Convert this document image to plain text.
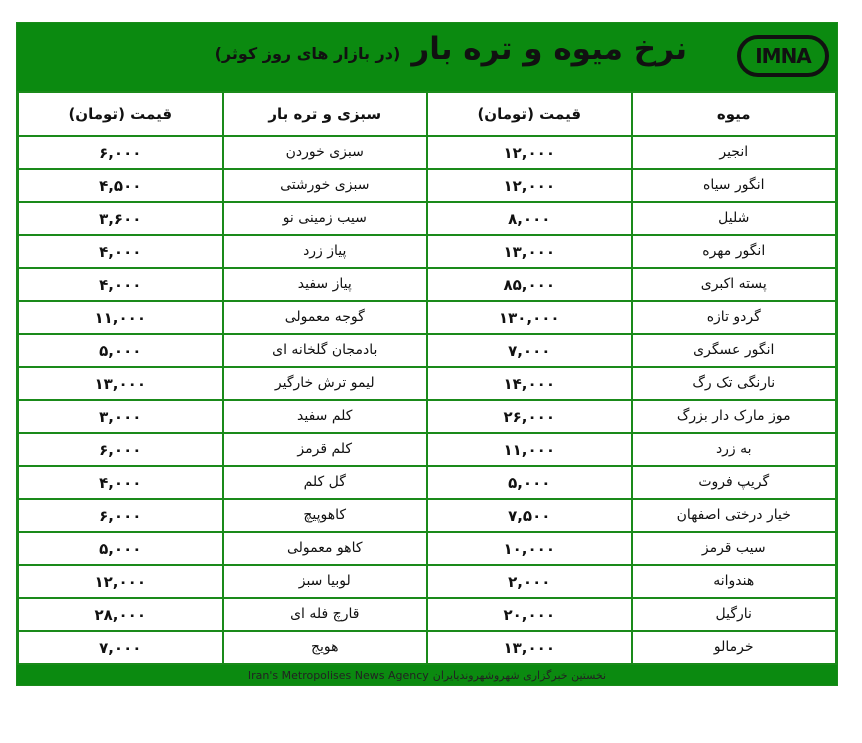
نرخ میوه و تره بار (در بازار های روز کوثر)	IMNA
میوه	قیمت (تومان)	سبزی و تره بار	قیمت (تومان)
انجیر	۱۲,۰۰۰	سبزی خوردن	۶,۰۰۰
انگور سیاه	۱۲,۰۰۰	سبزی خورشتی	۴,۵۰۰
شلیل	۸,۰۰۰	سیب زمینی نو	۳,۶۰۰
انگور مهره	۱۳,۰۰۰	پیاز زرد	۴,۰۰۰
پسته اکبری	۸۵,۰۰۰	پیاز سفید	۴,۰۰۰
گردو تازه	۱۳۰,۰۰۰	گوجه معمولی	۱۱,۰۰۰
انگور عسگری	۷,۰۰۰	بادمجان گلخانه ای	۵,۰۰۰
نارنگی تک رگ	۱۴,۰۰۰	لیمو ترش خارگیر	۱۳,۰۰۰
موز مارک دار بزرگ	۲۶,۰۰۰	کلم سفید	۳,۰۰۰
به زرد	۱۱,۰۰۰	کلم قرمز	۶,۰۰۰
گریپ فروت	۵,۰۰۰	گل کلم	۴,۰۰۰
خیار درختی اصفهان	۷,۵۰۰	کاهوپیچ	۶,۰۰۰
سیب قرمز	۱۰,۰۰۰	کاهو معمولی	۵,۰۰۰
هندوانه	۲,۰۰۰	لوبیا سبز	۱۲,۰۰۰
نارگیل	۲۰,۰۰۰	قارچ فله ای	۲۸,۰۰۰
خرمالو	۱۳,۰۰۰	هویج	۷,۰۰۰
Iran's Metropolises News Agency نخستین خبرگزاری شهروشهروندیایران
